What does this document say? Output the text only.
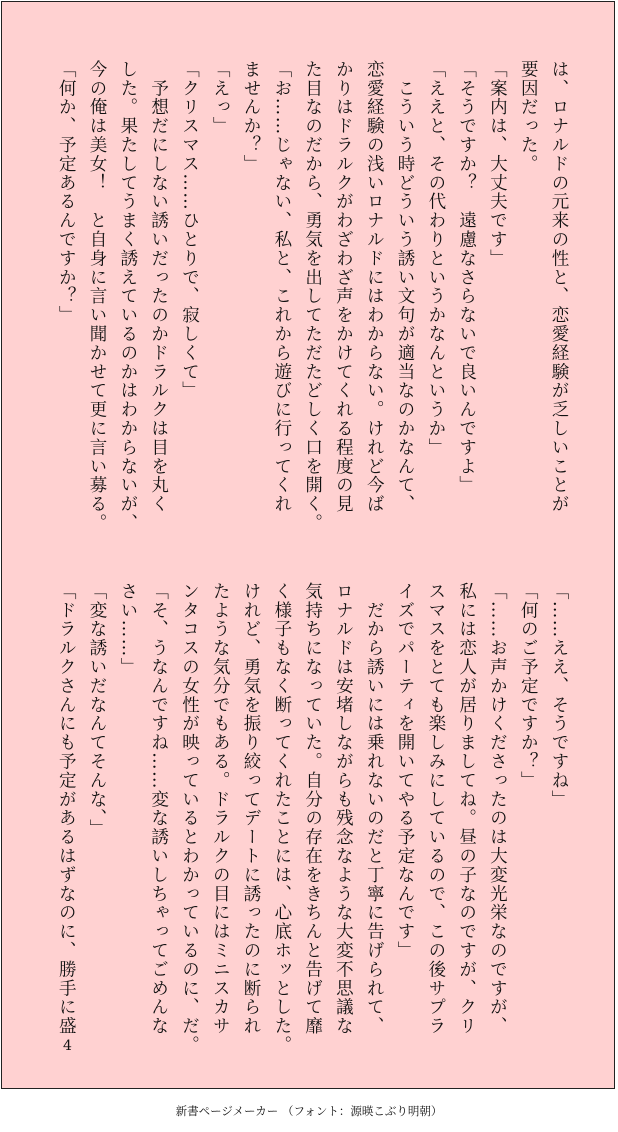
は、ロナルドの元来の性と、恋愛経験が乏しいことが
要因だった。
「案内は、大丈夫です」
「そうですか？　遠慮なさらないで良いんですよ」
「ええと、その代わりというかなんというか」
　こういう時どういう誘い文句が適当なのかなんて、
恋愛経験の浅いロナルドにはわからない。けれど今ば
かりはドラルクがわざわざ声をかけてくれる程度の見
た目なのだから、勇気を出してただたどしく口を開く。
「お……じゃない、私と、これから遊びに行ってくれ
ませんか？」
「えっ」
「クリスマス……ひとりで、寂しくて」
　予想だにしない誘いだったのかドラルクは目を丸く
した。果たしてうまく誘えているのかはわからないが、
今の俺は美女！　と自身に言い聞かせて更に言い募る。
「何か、予定あるんですか？」
「……ええ、そうですね」
「何のご予定ですか？」
「……お声かけくださったのは大変光栄なのですが、
私には恋人が居りましてね。昼の子なのですが、クリ
スマスをとても楽しみにしているので、この後サプラ
イズでパーティを開いてやる予定なんです」
　だから誘いには乗れないのだと丁寧に告げられて、
ロナルドは安堵しながらも残念なような大変不思議な
気持ちになっていた。自分の存在をきちんと告げて靡
く様子もなく断ってくれたことには、心底ホッとした。
けれど、勇気を振り絞ってデートに誘ったのに断られ
たような気分でもある。ドラルクの目にはミニスカサ
ンタコスの女性が映っているとわかっているのに、だ。
「そ、うなんですね……変な誘いしちゃってごめんな
さい……」
「変な誘いだなんてそんな、」
「ドラルクさんにも予定があるはずなのに、勝手に盛
4
新書ページメーカー （フォント：源暎こぶり明朝）
